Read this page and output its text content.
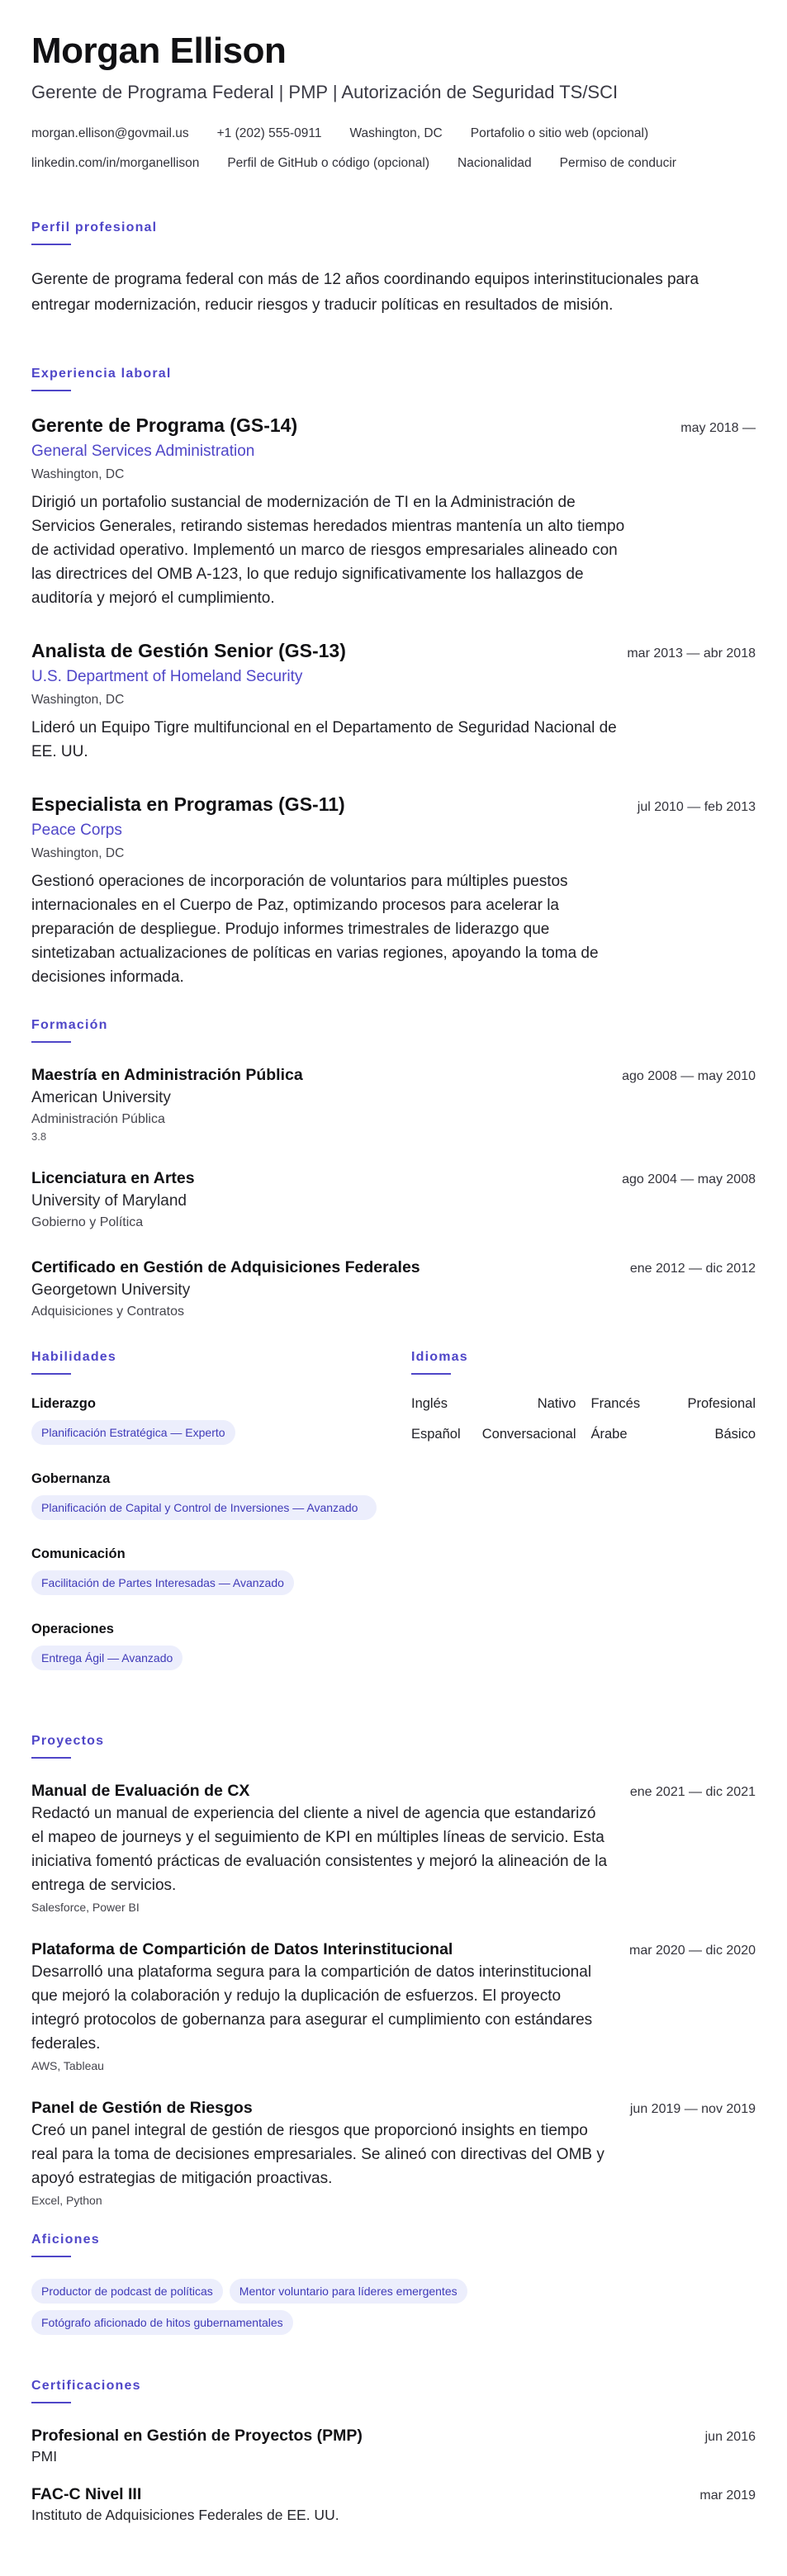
Morgan Ellison
Gerente de Programa Federal | PMP | Autorización de Seguridad TS/SCI
morgan.ellison@govmail.us +1 (202) 555-0911 Washington, DC Portafolio o sitio web (opcional)
linkedin.com/in/morganellison Perfil de GitHub o código (opcional) Nacionalidad Permiso de conducir
Perfil profesional

Gerente de programa federal con más de 12 años coordinando equipos interinstitucionales para entregar modernización, reducir riesgos y traducir políticas en resultados de misión.

Experiencia laboral
Gerente de Programa (GS-14)	may 2018 —
General Services Administration
Washington, DC

Dirigió un portafolio sustancial de modernización de TI en la Administración de Servicios Generales, retirando sistemas heredados mientras mantenía un alto tiempo de actividad operativo. Implementó un marco de riesgos empresariales alineado con las directrices del OMB A-123, lo que redujo significativamente los hallazgos de auditoría y mejoró el cumplimiento.

Analista de Gestión Senior (GS-13)	mar 2013 — abr 2018
U.S. Department of Homeland Security
Washington, DC

Lideró un Equipo Tigre multifuncional en el Departamento de Seguridad Nacional de EE. UU.

Especialista en Programas (GS-11)	jul 2010 — feb 2013
Peace Corps
Washington, DC

Gestionó operaciones de incorporación de voluntarios para múltiples puestos internacionales en el Cuerpo de Paz, optimizando procesos para acelerar la preparación de despliegue. Produjo informes trimestrales de liderazgo que sintetizaban actualizaciones de políticas en varias regiones, apoyando la toma de decisiones informada.

Formación
Maestría en Administración Pública	ago 2008 — may 2010
American University
Administración Pública
3.8
Licenciatura en Artes	ago 2004 — may 2008
University of Maryland
Gobierno y Política
Certificado en Gestión de Adquisiciones Federales	ene 2012 — dic 2012
Georgetown University
Adquisiciones y Contratos
Habilidades
Liderazgo
Planificación Estratégica — Experto
Gobernanza
Planificación de Capital y Control de Inversiones — Avanzado
Comunicación
Facilitación de Partes Interesadas — Avanzado
Operaciones
Entrega Ágil — Avanzado
Idiomas
Inglés	Nativo Francés	Profesional
Español Conversacional Árabe	Básico
Proyectos
Manual de Evaluación de CX	ene 2021 — dic 2021

Redactó un manual de experiencia del cliente a nivel de agencia que estandarizó el mapeo de journeys y el seguimiento de KPI en múltiples líneas de servicio. Esta iniciativa fomentó prácticas de evaluación consistentes y mejoró la alineación de la entrega de servicios.

Salesforce, Power BI
Plataforma de Compartición de Datos Interinstitucional	mar 2020 — dic 2020

Desarrolló una plataforma segura para la compartición de datos interinstitucional que mejoró la colaboración y redujo la duplicación de esfuerzos. El proyecto integró protocolos de gobernanza para asegurar el cumplimiento con estándares federales.

AWS, Tableau
Panel de Gestión de Riesgos	jun 2019 — nov 2019

Creó un panel integral de gestión de riesgos que proporcionó insights en tiempo real para la toma de decisiones empresariales. Se alineó con directivas del OMB y apoyó estrategias de mitigación proactivas.

Excel, Python
Aficiones
Productor de podcast de políticas Mentor voluntario para líderes emergentes
Fotógrafo aficionado de hitos gubernamentales
Certificaciones
Profesional en Gestión de Proyectos (PMP)	jun 2016
PMI
FAC-C Nivel III	mar 2019
Instituto de Adquisiciones Federales de EE. UU.
